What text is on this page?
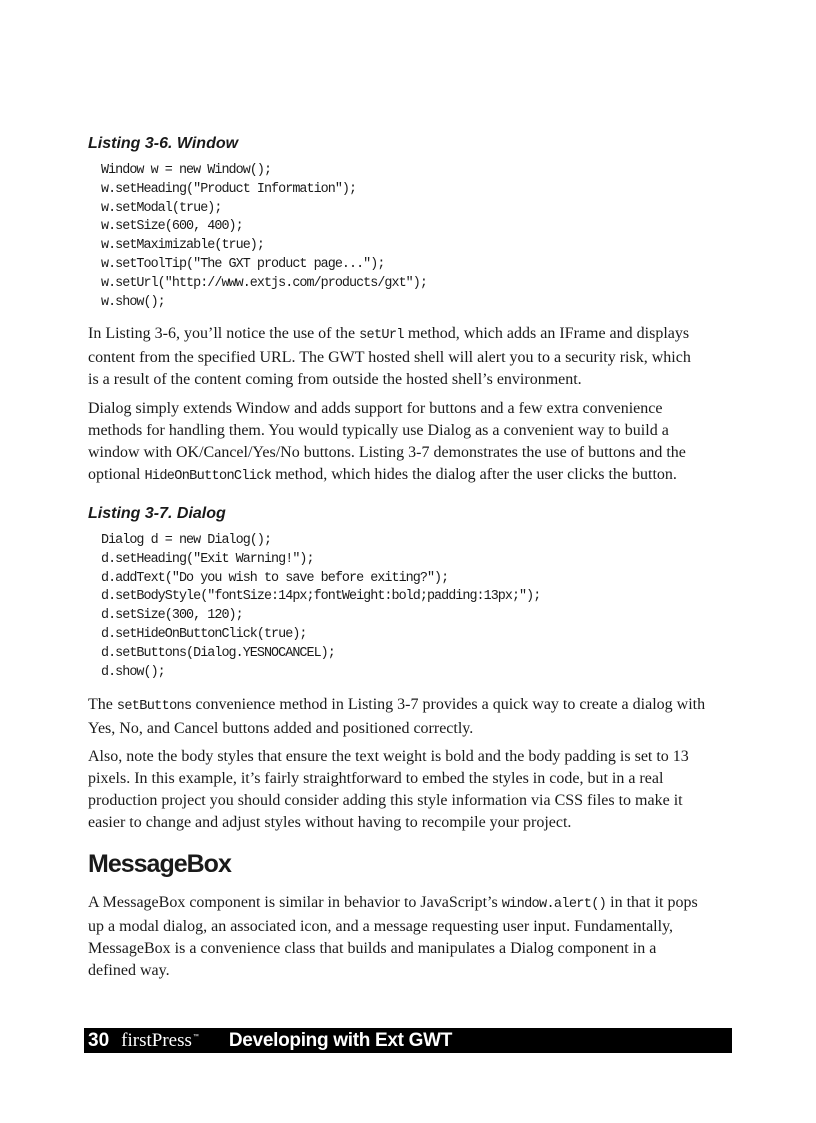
Listing 3-6. Window
Window w = new Window();
w.setHeading("Product Information");
w.setModal(true);
w.setSize(600, 400);
w.setMaximizable(true);
w.setToolTip("The GXT product page...");
w.setUrl("http://www.extjs.com/products/gxt");
w.show();

In Listing 3-6, you’ll notice the use of the setUrl method, which adds an IFrame and displays
content from the specified URL. The GWT hosted shell will alert you to a security risk, which
is a result of the content coming from outside the hosted shell’s environment.

Dialog simply extends Window and adds support for buttons and a few extra convenience
methods for handling them. You would typically use Dialog as a convenient way to build a
window with OK/Cancel/Yes/No buttons. Listing 3-7 demonstrates the use of buttons and the
optional HideOnButtonClick method, which hides the dialog after the user clicks the button.

Listing 3-7. Dialog
Dialog d = new Dialog();
d.setHeading("Exit Warning!");
d.addText("Do you wish to save before exiting?");
d.setBodyStyle("fontSize:14px;fontWeight:bold;padding:13px;");
d.setSize(300, 120);
d.setHideOnButtonClick(true);
d.setButtons(Dialog.YESNOCANCEL);
d.show();

The setButtons convenience method in Listing 3-7 provides a quick way to create a dialog with
Yes, No, and Cancel buttons added and positioned correctly.

Also, note the body styles that ensure the text weight is bold and the body padding is set to 13
pixels. In this example, it’s fairly straightforward to embed the styles in code, but in a real
production project you should consider adding this style information via CSS files to make it
easier to change and adjust styles without having to recompile your project.

MessageBox

A MessageBox component is similar in behavior to JavaScript’s window.alert() in that it pops
up a modal dialog, an associated icon, and a message requesting user input. Fundamentally,
MessageBox is a convenience class that builds and manipulates a Dialog component in a
defined way.

30 firstPress™ Developing with Ext GWT
